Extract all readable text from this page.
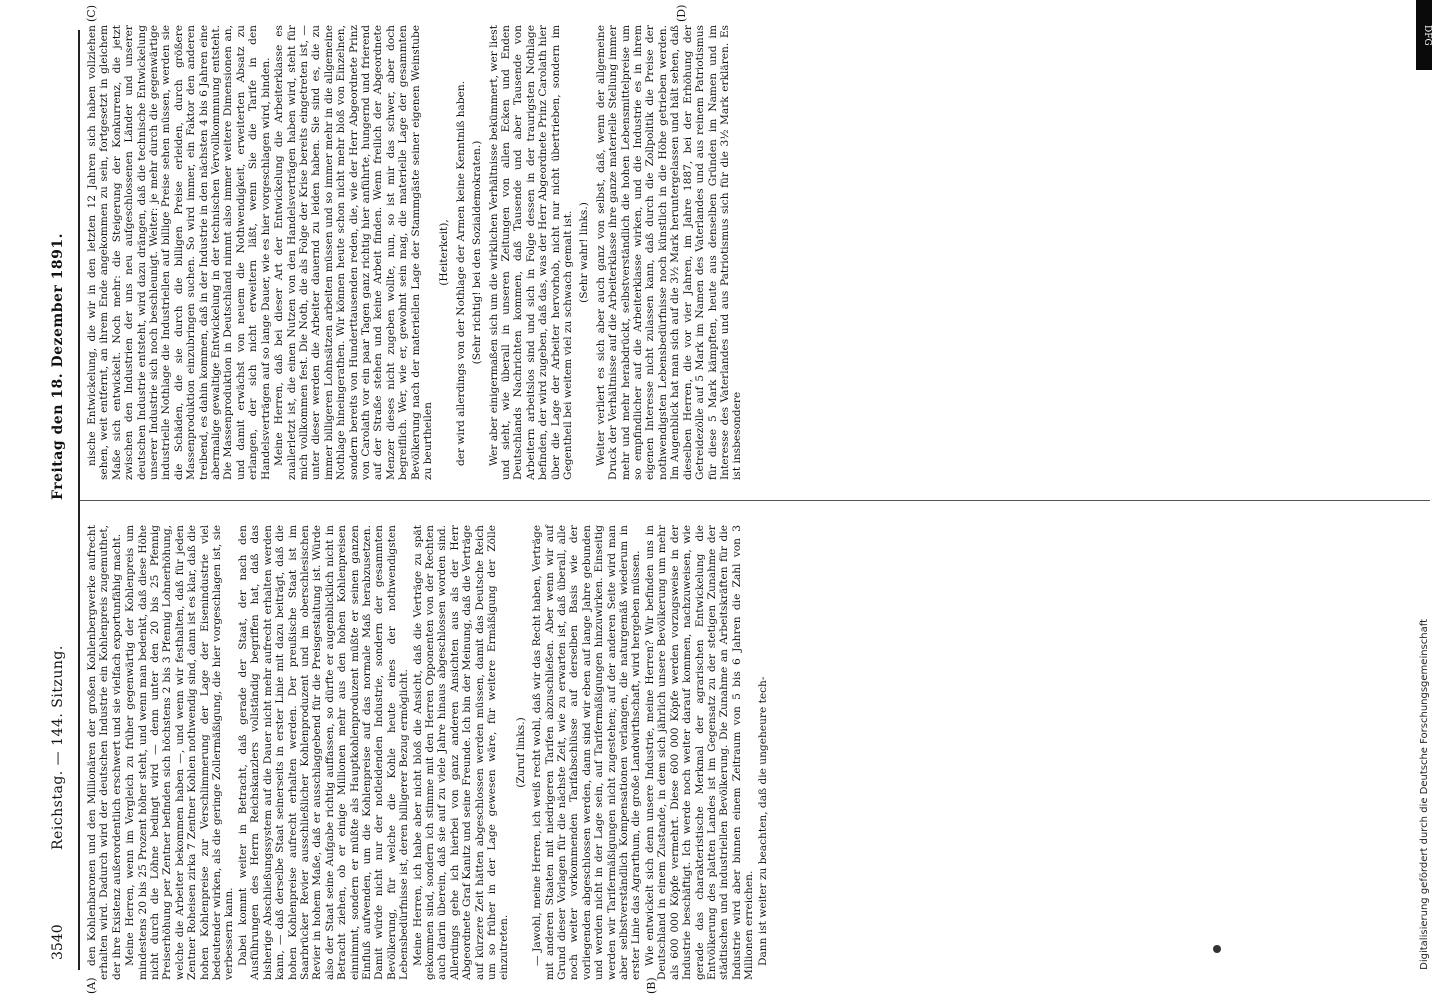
3540
Reichstag. — 144. Sitzung.
Freitag den 18. Dezember 1891.
(A)	(B)

den Kohlenbaronen und den Millionären der großen Kohlenbergwerke aufrecht erhalten wird. Dadurch wird der deutschen Industrie ein Kohlenpreis zugemuthet, der ihre Existenz außerordentlich erschwert und sie vielfach exportunfähig macht. Meine Herren, wenn im Vergleich zu früher gegenwärtig der Kohlenpreis um mindestens 20 bis 25 Prozent höher steht, und wenn man bedenkt, daß diese Höhe nicht durch die Löhne bedingt wird — denn unter den 20 bis 25 Pfennig Preiserhöhung per Zentner befinden sich höchstens 2 bis 3 Pfennig Lohnerhöhung, welche die Arbeiter bekommen haben —, und wenn wir festhalten, daß für jeden Zentner Roheisen zirka 7 Zentner Kohlen nothwendig sind, dann ist es klar, daß die hohen Kohlenpreise zur Verschlimmerung der Lage der Eisenindustrie viel bedeutender wirken, als die geringe Zollermäßigung, die hier vorgeschlagen ist, sie verbessern kann. Dabei kommt weiter in Betracht, daß gerade der Staat, der nach den Ausführungen des Herrn Reichskanzlers vollständig begriffen hat, daß das bisherige Abschließungssystem auf die Dauer nicht mehr aufrecht erhalten werden kann, — daß derselbe Staat seinerseits in erster Linie mit dazu beiträgt, daß die hohen Kohlenpreise aufrecht erhalten werden. Der preußische Staat ist im Saarbrücker Revier ausschließlicher Kohlenproduzent und im oberschlesischen Revier in hohem Maße, daß er ausschlaggebend für die Preisgestaltung ist. Würde also der Staat seine Aufgabe richtig auffassen, so dürfte er augenblicklich nicht in Betracht ziehen, ob er einige Millionen mehr aus den hohen Kohlenpreisen einnimmt, sondern er müßte als Hauptkohlenproduzent müßte er seinen ganzen Einfluß aufwenden, um die Kohlenpreise auf das normale Maß herabzusetzen. Damit würde nicht nur der notleidenden Industrie, sondern der gesammten Bevölkerung, für welche die Kohle heute eines der nothwendigsten Lebensbedürfnisse ist, deren billigerer Bezug ermöglicht. Meine Herren, ich habe aber nicht bloß die Ansicht, daß die Verträge zu spät gekommen sind, sondern ich stimme mit den Herren Opponenten von der Rechten auch darin überein, daß sie auf zu viele Jahre hinaus abgeschlossen worden sind. Allerdings gehe ich hierbei von ganz anderen Ansichten aus als der Herr Abgeordnete Graf Kanitz und seine Freunde. Ich bin der Meinung, daß die Verträge auf kürzere Zeit hätten abgeschlossen werden müssen, damit das Deutsche Reich um so früher in der Lage gewesen wäre, für weitere Ermäßigung der Zölle einzutreten.

(Zuruf links.) — Jawohl, meine Herren, ich weiß recht wohl, daß wir das Recht haben, Verträge mit anderen Staaten mit niedrigeren Tarifen abzuschließen. Aber wenn wir auf Grund dieser Vorlagen für die nächste Zeit, wie zu erwarten ist, daß überall, alle noch weiter vorkommenden Tarifabschlüsse auf derselben Basis wie der vorliegenden abgeschlossen werden, dann sind wir eben auf lange Jahre gebunden und werden nicht in der Lage sein, auf Tarifermäßigungen hinzuwirken. Einseitig werden wir Tarifermäßigungen nicht zugestehen; auf der anderen Seite wird man aber selbstverständlich Kompensationen verlangen, die naturgemäß wiederum in erster Linie das Agrarthum, die große Landwirthschaft, wird hergeben müssen. Wie entwickelt sich denn unsere Industrie, meine Herren? Wir befinden uns in Deutschland in einem Zustande, in dem sich jährlich unsere Bevölkerung um mehr als 600 000 Köpfe vermehrt. Diese 600 000 Köpfe werden vorzugsweise in der Industrie beschäftigt. Ich werde noch weiter darauf kommen, nachzuweisen, wie gerade das charakteristische Merkmal der agrarischen Entwickelung die Entvölkerung des platten Landes ist im Gegensatz zu der stetigen Zunahme der städtischen und industriellen Bevölkerung. Die Zunahme an Arbeitskräften für die Industrie wird aber binnen einem Zeitraum von 5 bis 6 Jahren die Zahl von 3 Millionen erreichen. Dann ist weiter zu beachten, daß die ungeheure tech-

(C)	(D)

nische Entwickelung, die wir in den letzten 12 Jahren sich haben vollziehen sehen, weit entfernt, an ihrem Ende angekommen zu sein, fortgesetzt in gleichem Maße sich entwickelt. Noch mehr: die Steigerung der Konkurrenz, die jetzt zwischen den Industrien der uns neu aufgeschlossenen Länder und unserer deutschen Industrie entsteht, wird dazu drängen, daß die technische Entwickelung unserer Industrie sich noch beschleunigt. Weiter: je mehr durch die gegenwärtige industrielle Nothlage die Industriellen auf billige Preise sehen müssen, werden sie die Schäden, die sie durch die billigen Preise erleiden, durch größere Massenproduktion einzubringen suchen. So wird immer, ein Faktor den anderen treibend, es dahin kommen, daß in der Industrie in den nächsten 4 bis 6 Jahren eine abermalige gewaltige Entwickelung in der technischen Vervollkommnung entsteht. Die Massenproduktion in Deutschland nimmt also immer weitere Dimensionen an, und damit erwächst von neuem die Nothwendigkeit, erweiterten Absatz zu erlangen, der sich nicht erweitern läßt, wenn Sie die Tarife in den Handelsverträgen auf so lange Dauer, wie es hier vorgeschlagen wird, binden. Meine Herren, daß bei dieser Art der Entwickelung die Arbeiterklasse es zuallerletzt ist, die einen Nutzen von den Handelsverträgen haben wird, steht für mich vollkommen fest. Die Noth, die als Folge der Krise bereits eingetreten ist, — unter dieser werden die Arbeiter dauernd zu leiden haben. Sie sind es, die zu immer billigeren Lohnsätzen arbeiten müssen und so immer mehr in die allgemeine Nothlage hineingerathen. Wir können heute schon nicht mehr bloß von Einzelnen, sondern bereits von Hunderttausenden reden, die, wie der Herr Abgeordnete Prinz von Carolath vor ein paar Tagen ganz richtig hier anführte, hungernd und frierend auf der Straße stehen und keine Arbeit finden. Wenn freilich der Abgeordnete Menzer dieses nicht zugeben wollte, nun, so ist mir das schwer, aber doch begreiflich. Wer, wie er, gewohnt sein mag, die materielle Lage der gesammten Bevölkerung nach der materiellen Lage der Stammgäste seiner eigenen Weinstube zu beurtheilen

(Heiterkeit), der wird allerdings von der Nothlage der Armen keine Kenntniß haben. (Sehr richtig! bei den Sozialdemokraten.) Wer aber einigermaßen sich um die wirklichen Verhältnisse bekümmert, wer liest und sieht, wie überall in unseren Zeitungen von allen Ecken und Enden Deutschlands Nachrichten kommen, daß Tausende und aber Tausende von Arbeitern arbeitslos sind und sich in Folge dessen in der traurigsten Nothlage befinden, der wird zugeben, daß das, was der Herr Abgeordnete Prinz Carolath hier über die Lage der Arbeiter hervorhob, nicht nur nicht übertrieben, sondern im Gegentheil bei weitem viel zu schwach gemalt ist. (Sehr wahr! links.) Weiter verliert es sich aber auch ganz von selbst, daß, wenn der allgemeine Druck der Verhältnisse auf die Arbeiterklasse ihre ganze materielle Stellung immer mehr und mehr herabdrückt, selbstverständlich die hohen Lebensmittelpreise um so empfindlicher auf die Arbeiterklasse wirken, und die Industrie es in ihrem eigenen Interesse nicht zulassen kann, daß durch die Zollpolitik die Preise der nothwendigsten Lebensbedürfnisse noch künstlich in die Höhe getrieben werden. Im Augenblick hat man sich auf die 3½ Mark heruntergelassen und hält sehen, daß dieselben Herren, die vor vier Jahren, im Jahre 1887, bei der Erhöhung der Getreidezölle auf 5 Mark im Namen des Vaterlandes und aus reinem Patriotismus für diese 5 Mark kämpften, heute aus denselben Gründen im Namen und im Interesse des Vaterlandes und aus Patriotismus sich für die 3½ Mark erklären. Es ist insbesondere

DFG
Digitalisierung gefördert durch die Deutsche Forschungsgemeinschaft
